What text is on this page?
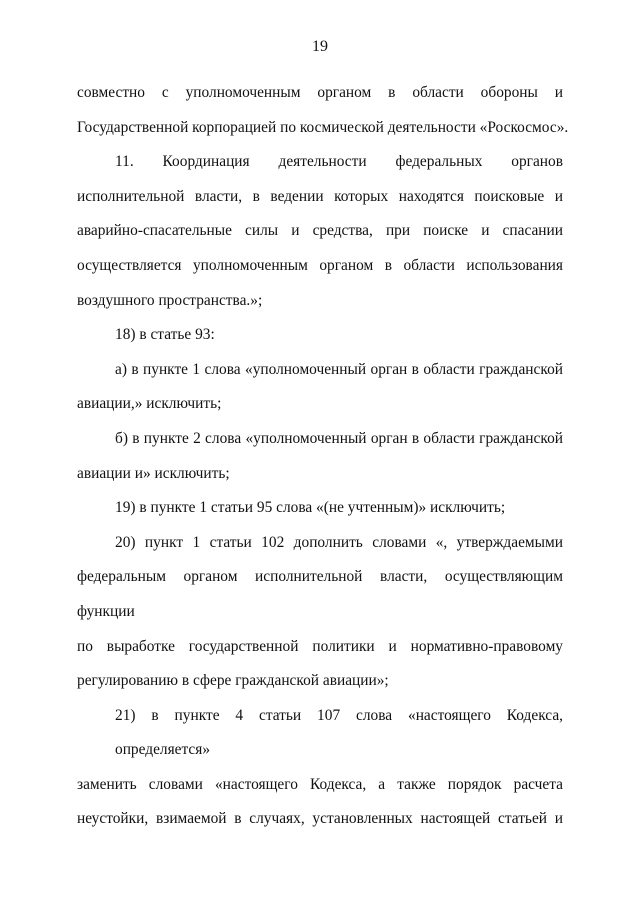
19
совместно с уполномоченным органом в области обороны и
Государственной корпорацией по космической деятельности «Роскосмос».
11. Координация деятельности федеральных органов
исполнительной власти, в ведении которых находятся поисковые и
аварийно-спасательные силы и средства, при поиске и спасании
осуществляется уполномоченным органом в области использования
воздушного пространства.»;
18) в статье 93:
а) в пункте 1 слова «уполномоченный орган в области гражданской
авиации,» исключить;
б) в пункте 2 слова «уполномоченный орган в области гражданской
авиации и» исключить;
19) в пункте 1 статьи 95 слова «(не учтенным)» исключить;
20) пункт 1 статьи 102 дополнить словами «, утверждаемыми
федеральным органом исполнительной власти, осуществляющим функции
по выработке государственной политики и нормативно-правовому
регулированию в сфере гражданской авиации»;
21) в пункте 4 статьи 107 слова «настоящего Кодекса, определяется»
заменить словами «настоящего Кодекса, а также порядок расчета
неустойки, взимаемой в случаях, установленных настоящей статьей и
